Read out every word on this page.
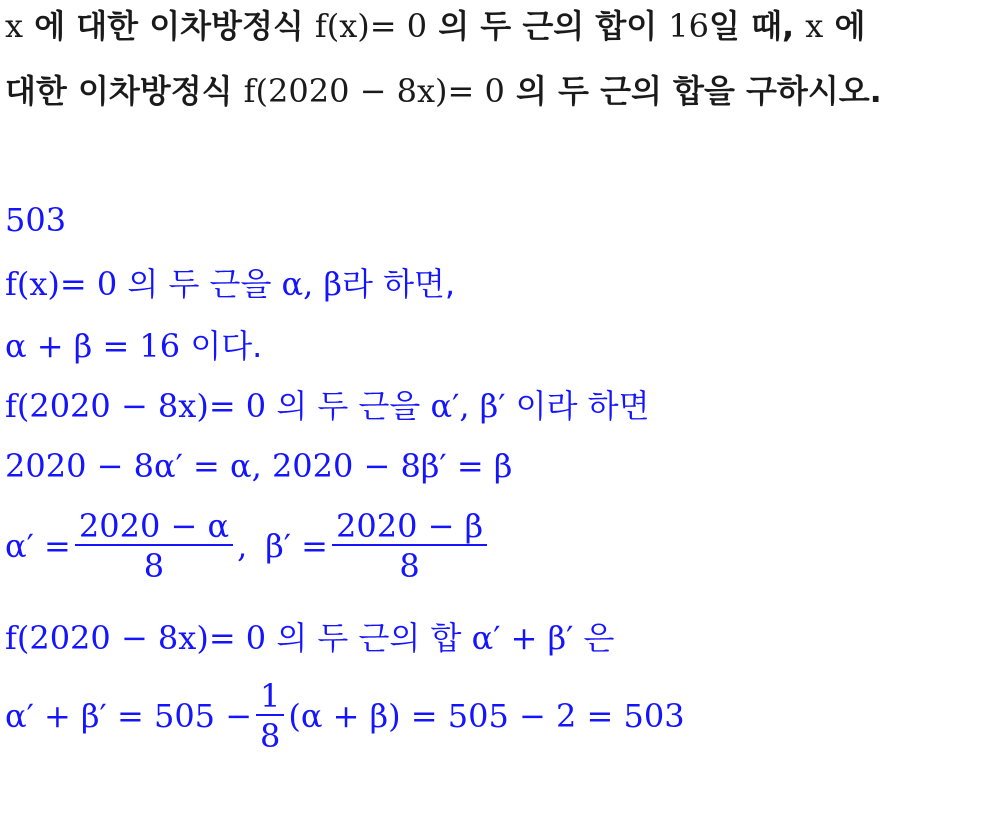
x 에 대한 이차방정식 f(x)= 0 의 두 근의 합이 16일 때, x 에
대한 이차방정식 f(2020 − 8x)= 0 의 두 근의 합을 구하시오.
503
f(x)= 0 의 두 근을 α, β라 하면,
α + β = 16 이다.
f(2020 − 8x)= 0 의 두 근을 α′, β′ 이라 하면
2020 − 8α′ = α, 2020 − 8β′ = β
$\alpha' = \frac{2020 - \alpha}{8}$ , $\beta' = \frac{2020 - \beta}{8}$
f(2020 − 8x)= 0 의 두 근의 합 α′ + β′ 은
$\alpha' + \beta' = 505 - \frac{1}{8} (\alpha + \beta) = 505 - 2 = 503$
